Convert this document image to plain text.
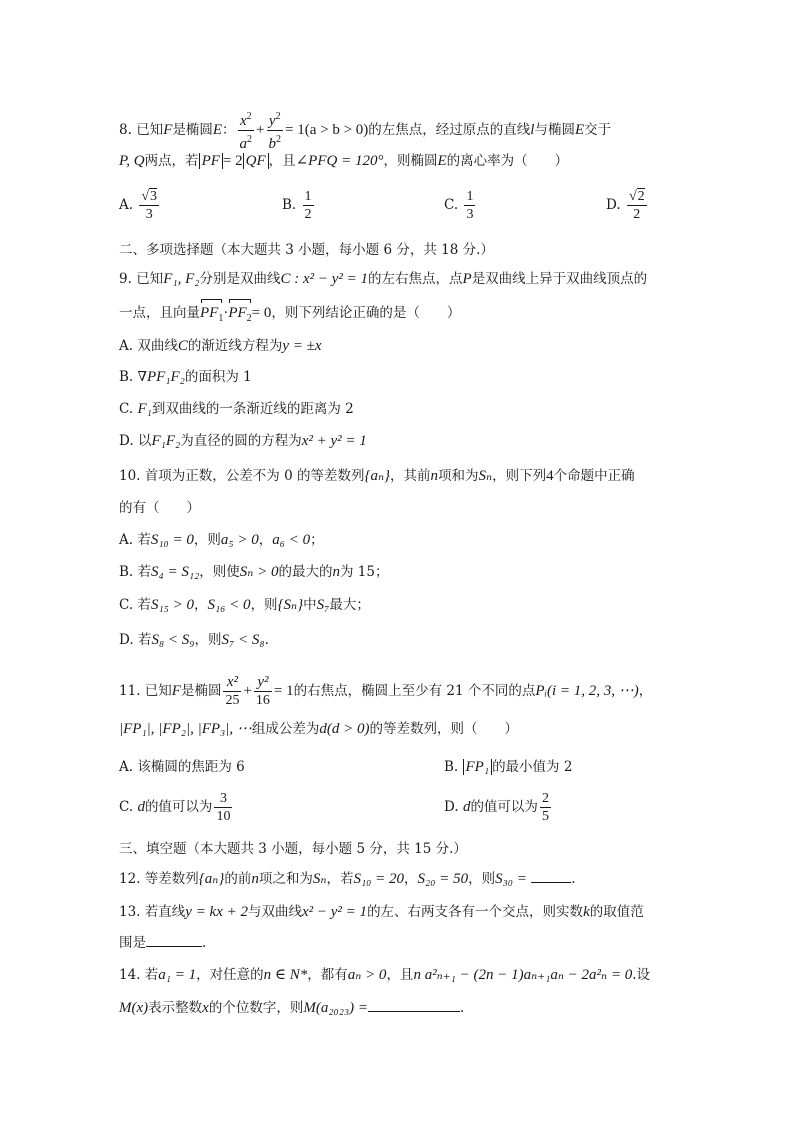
8. 已知F是椭圆E： $\frac{x^2}{a^2} + \frac{y^2}{b^2} = 1(a > b > 0)$的左焦点，经过原点的直线l与椭圆E交于
P, Q两点，若 PF = 2 QF ，且∠PFQ = 120°，则椭圆E的离心率为（　　）
A. $\frac{√3}{3}$	B. $\frac{1}{2}$	C. $\frac{1}{3}$	D. $\frac{√2}{2}$
二、多项选择题（本大题共 3 小题，每小题 6 分，共 18 分.）
9. 已知F₁, F₂分别是双曲线C : x² − y² = 1的左右焦点，点P是双曲线上异于双曲线顶点的
一点，且向量$PF_1\cdot PF_2= 0$，则下列结论正确的是（　　）
A. 双曲线C的渐近线方程为y = ±x
B. ∇PF₁F₂的面积为 1
C. F₁到双曲线的一条渐近线的距离为 2
D. 以F₁F₂为直径的圆的方程为x² + y² = 1
10. 首项为正数，公差不为 0 的等差数列{aₙ}，其前n项和为Sₙ，则下列4个命题中正确
的有（　　）
A. 若S₁₀ = 0，则a₅ > 0，a₆ < 0；
B. 若S₄ = S₁₂，则使Sₙ > 0的最大的n为 15；
C. 若S₁₅ > 0，S₁₆ < 0，则{Sₙ}中S₇最大；
D. 若S₈ < S₉，则S₇ < S₈.
11. 已知F是椭圆 $\frac{\text{x²}}{25} + \frac{\text{y²}}{16} = 1$的右焦点，椭圆上至少有 21 个不同的点Pᵢ(i = 1, 2, 3, ⋯)，
|FP₁|, |FP₂|, |FP₃|, ⋯组成公差为d(d > 0)的等差数列，则（　　）
A. 该椭圆的焦距为 6	B. FP₁ 的最小值为 2
C. d的值可以为 $\frac{3}{10}$	D. d的值可以为 $\frac{2}{5}$
三、填空题（本大题共 3 小题，每小题 5 分，共 15 分.）
12. 等差数列{aₙ}的前n项之和为Sₙ，若S₁₀ = 20，S₂₀ = 50，则S₃₀ =	.
13. 若直线y = kx + 2与双曲线x² − y² = 1的左、右两支各有一个交点，则实数k的取值范
围是	.
14. 若a₁ = 1，对任意的n ∈ N*，都有aₙ > 0，且n a²ₙ₊₁ − (2n − 1)aₙ₊₁aₙ − 2a²ₙ = 0.设
M(x)表示整数x的个位数字，则M(a₂₀₂₃) =	.
